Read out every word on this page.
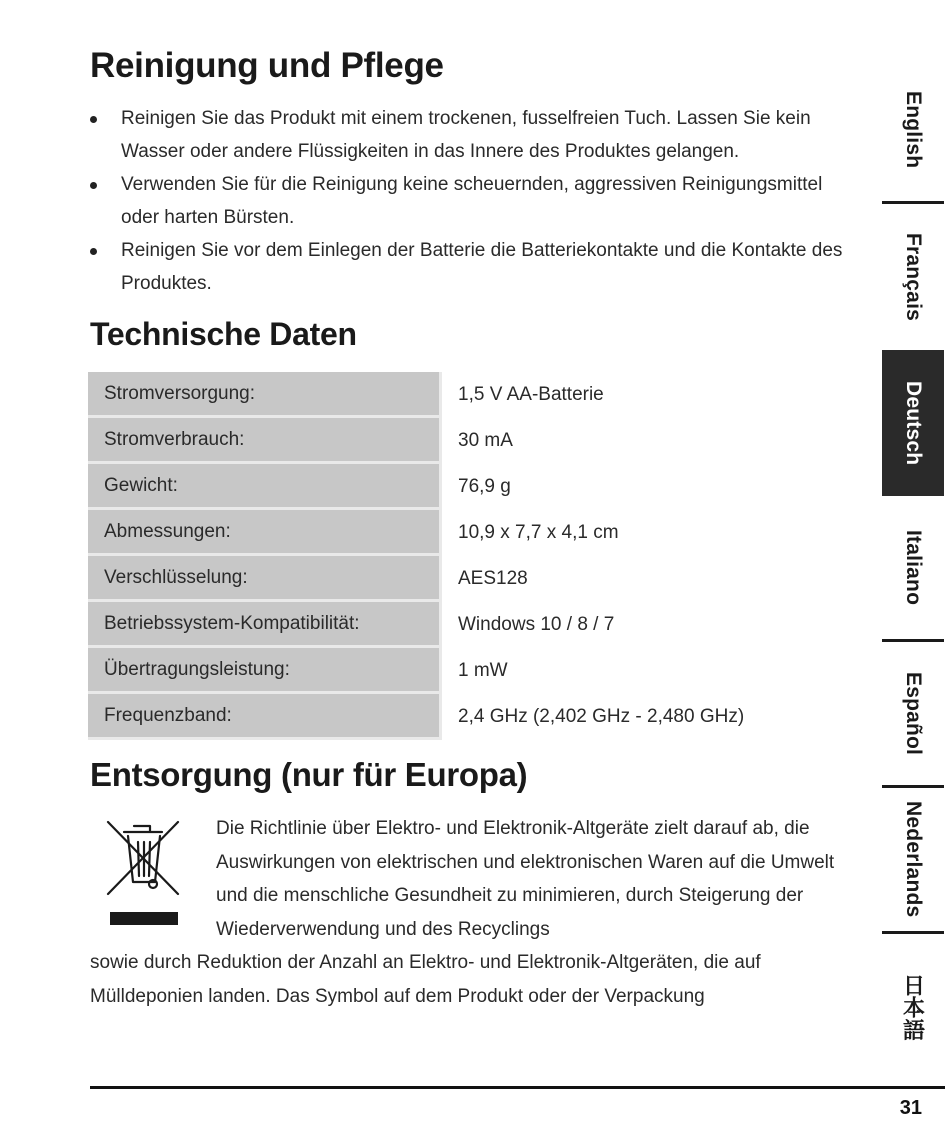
Reinigung und Pflege
Reinigen Sie das Produkt mit einem trockenen, fusselfreien Tuch. Lassen Sie kein Wasser oder andere Flüssigkeiten in das Innere des Produktes gelangen.
Verwenden Sie für die Reinigung keine scheuernden, aggressiven Reinigungsmittel oder harten Bürsten.
Reinigen Sie vor dem Einlegen der Batterie die Batteriekontakte und die Kontakte des Produktes.
Technische Daten
Stromversorgung:	1,5 V AA-Batterie
Stromverbrauch:	30 mA
Gewicht:	76,9 g
Abmessungen:	10,9 x 7,7 x 4,1 cm
Verschlüsselung:	AES128
Betriebssystem-Kompatibilität:	Windows 10 / 8 / 7
Übertragungsleistung:	1 mW
Frequenzband:	2,4 GHz (2,402 GHz - 2,480 GHz)
Entsorgung (nur für Europa)

Die Richtlinie über Elektro- und Elektronik-Altgeräte zielt darauf ab, die Auswirkungen von elektrischen und elektronischen Waren auf die Umwelt und die menschliche Gesundheit zu minimieren, durch Steigerung der Wiederverwendung und des Recyclings

sowie durch Reduktion der Anzahl an Elektro- und Elektronik-Altgeräten, die auf Mülldeponien landen. Das Symbol auf dem Produkt oder der Verpackung

English
Français
Deutsch
Italiano
Español
Nederlands
日本語
31
